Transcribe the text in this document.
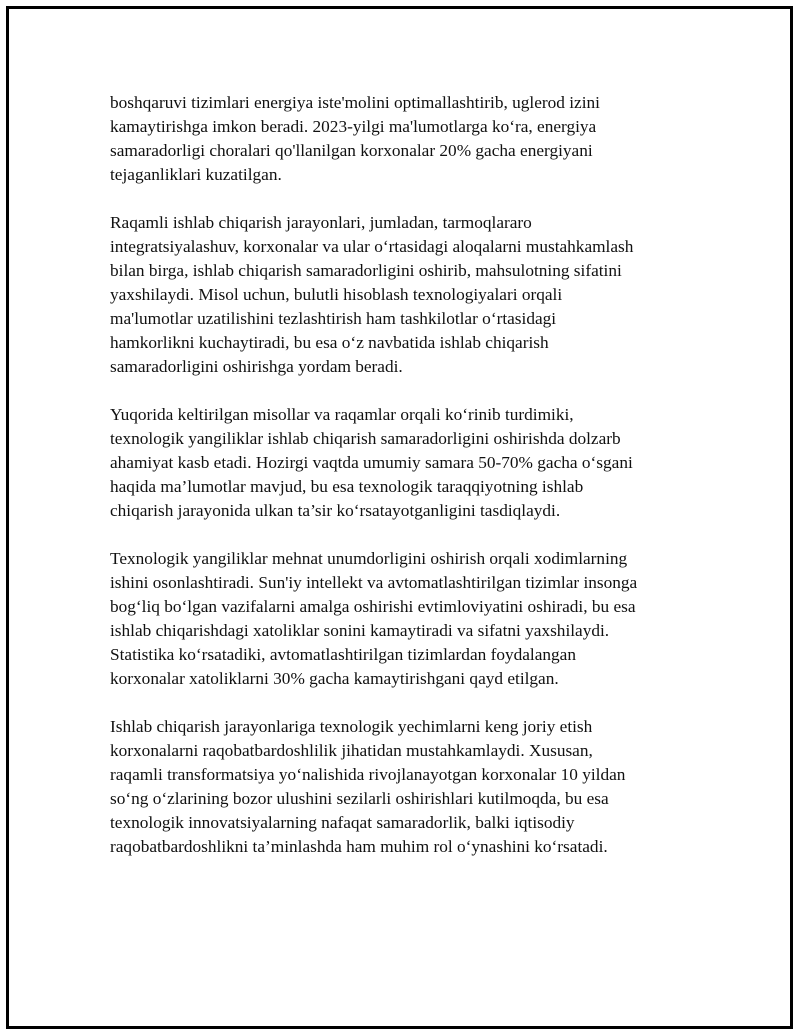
boshqaruvi tizimlari energiya iste'molini optimallashtirib, uglerod izini
kamaytirishga imkon beradi. 2023-yilgi ma'lumotlarga ko‘ra, energiya
samaradorligi choralari qo'llanilgan korxonalar 20% gacha energiyani
tejaganliklari kuzatilgan.
Raqamli ishlab chiqarish jarayonlari, jumladan, tarmoqlararo
integratsiyalashuv, korxonalar va ular o‘rtasidagi aloqalarni mustahkamlash
bilan birga, ishlab chiqarish samaradorligini oshirib, mahsulotning sifatini
yaxshilaydi. Misol uchun, bulutli hisoblash texnologiyalari orqali
ma'lumotlar uzatilishini tezlashtirish ham tashkilotlar o‘rtasidagi
hamkorlikni kuchaytiradi, bu esa o‘z navbatida ishlab chiqarish
samaradorligini oshirishga yordam beradi.
Yuqorida keltirilgan misollar va raqamlar orqali ko‘rinib turdimiki,
texnologik yangiliklar ishlab chiqarish samaradorligini oshirishda dolzarb
ahamiyat kasb etadi. Hozirgi vaqtda umumiy samara 50-70% gacha o‘sgani
haqida ma’lumotlar mavjud, bu esa texnologik taraqqiyotning ishlab
chiqarish jarayonida ulkan ta’sir ko‘rsatayotganligini tasdiqlaydi.
Texnologik yangiliklar mehnat unumdorligini oshirish orqali xodimlarning
ishini osonlashtiradi. Sun'iy intellekt va avtomatlashtirilgan tizimlar insonga
bog‘liq bo‘lgan vazifalarni amalga oshirishi evtimloviyatini oshiradi, bu esa
ishlab chiqarishdagi xatoliklar sonini kamaytiradi va sifatni yaxshilaydi.
Statistika ko‘rsatadiki, avtomatlashtirilgan tizimlardan foydalangan
korxonalar xatoliklarni 30% gacha kamaytirishgani qayd etilgan.
Ishlab chiqarish jarayonlariga texnologik yechimlarni keng joriy etish
korxonalarni raqobatbardoshlilik jihatidan mustahkamlaydi. Xususan,
raqamli transformatsiya yo‘nalishida rivojlanayotgan korxonalar 10 yildan
so‘ng o‘zlarining bozor ulushini sezilarli oshirishlari kutilmoqda, bu esa
texnologik innovatsiyalarning nafaqat samaradorlik, balki iqtisodiy
raqobatbardoshlikni ta’minlashda ham muhim rol o‘ynashini ko‘rsatadi.
